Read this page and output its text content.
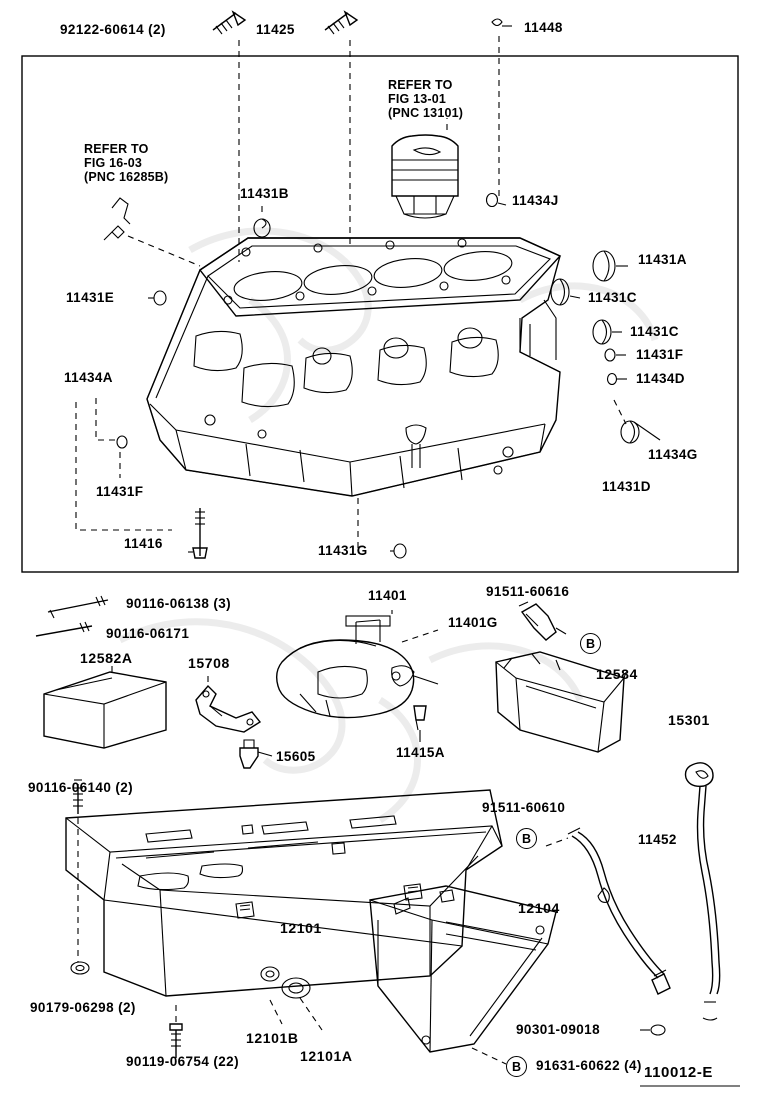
92122-60614 (2)	11425	11448
REFER TO
FIG 13-01
(PNC 13101)
REFER TO
FIG 16-03
(PNC 16285B)
11431B	11434J
11431A
11431C
11431C
11431F
11434D
11434G
11431D
11431E
11434A
11431F
11416	11431G
11401
11401G
91511-60616
90116-06138 (3)
90116-06171
12582A	15708
15605	11415A
12584
15301
90116-06140 (2)
91511-60610
11452
12101
12104
90179-06298 (2)
90119-06754 (22)
12101B
12101A
90301-09018
91631-60622 (4)
B
B
B	110012-E
